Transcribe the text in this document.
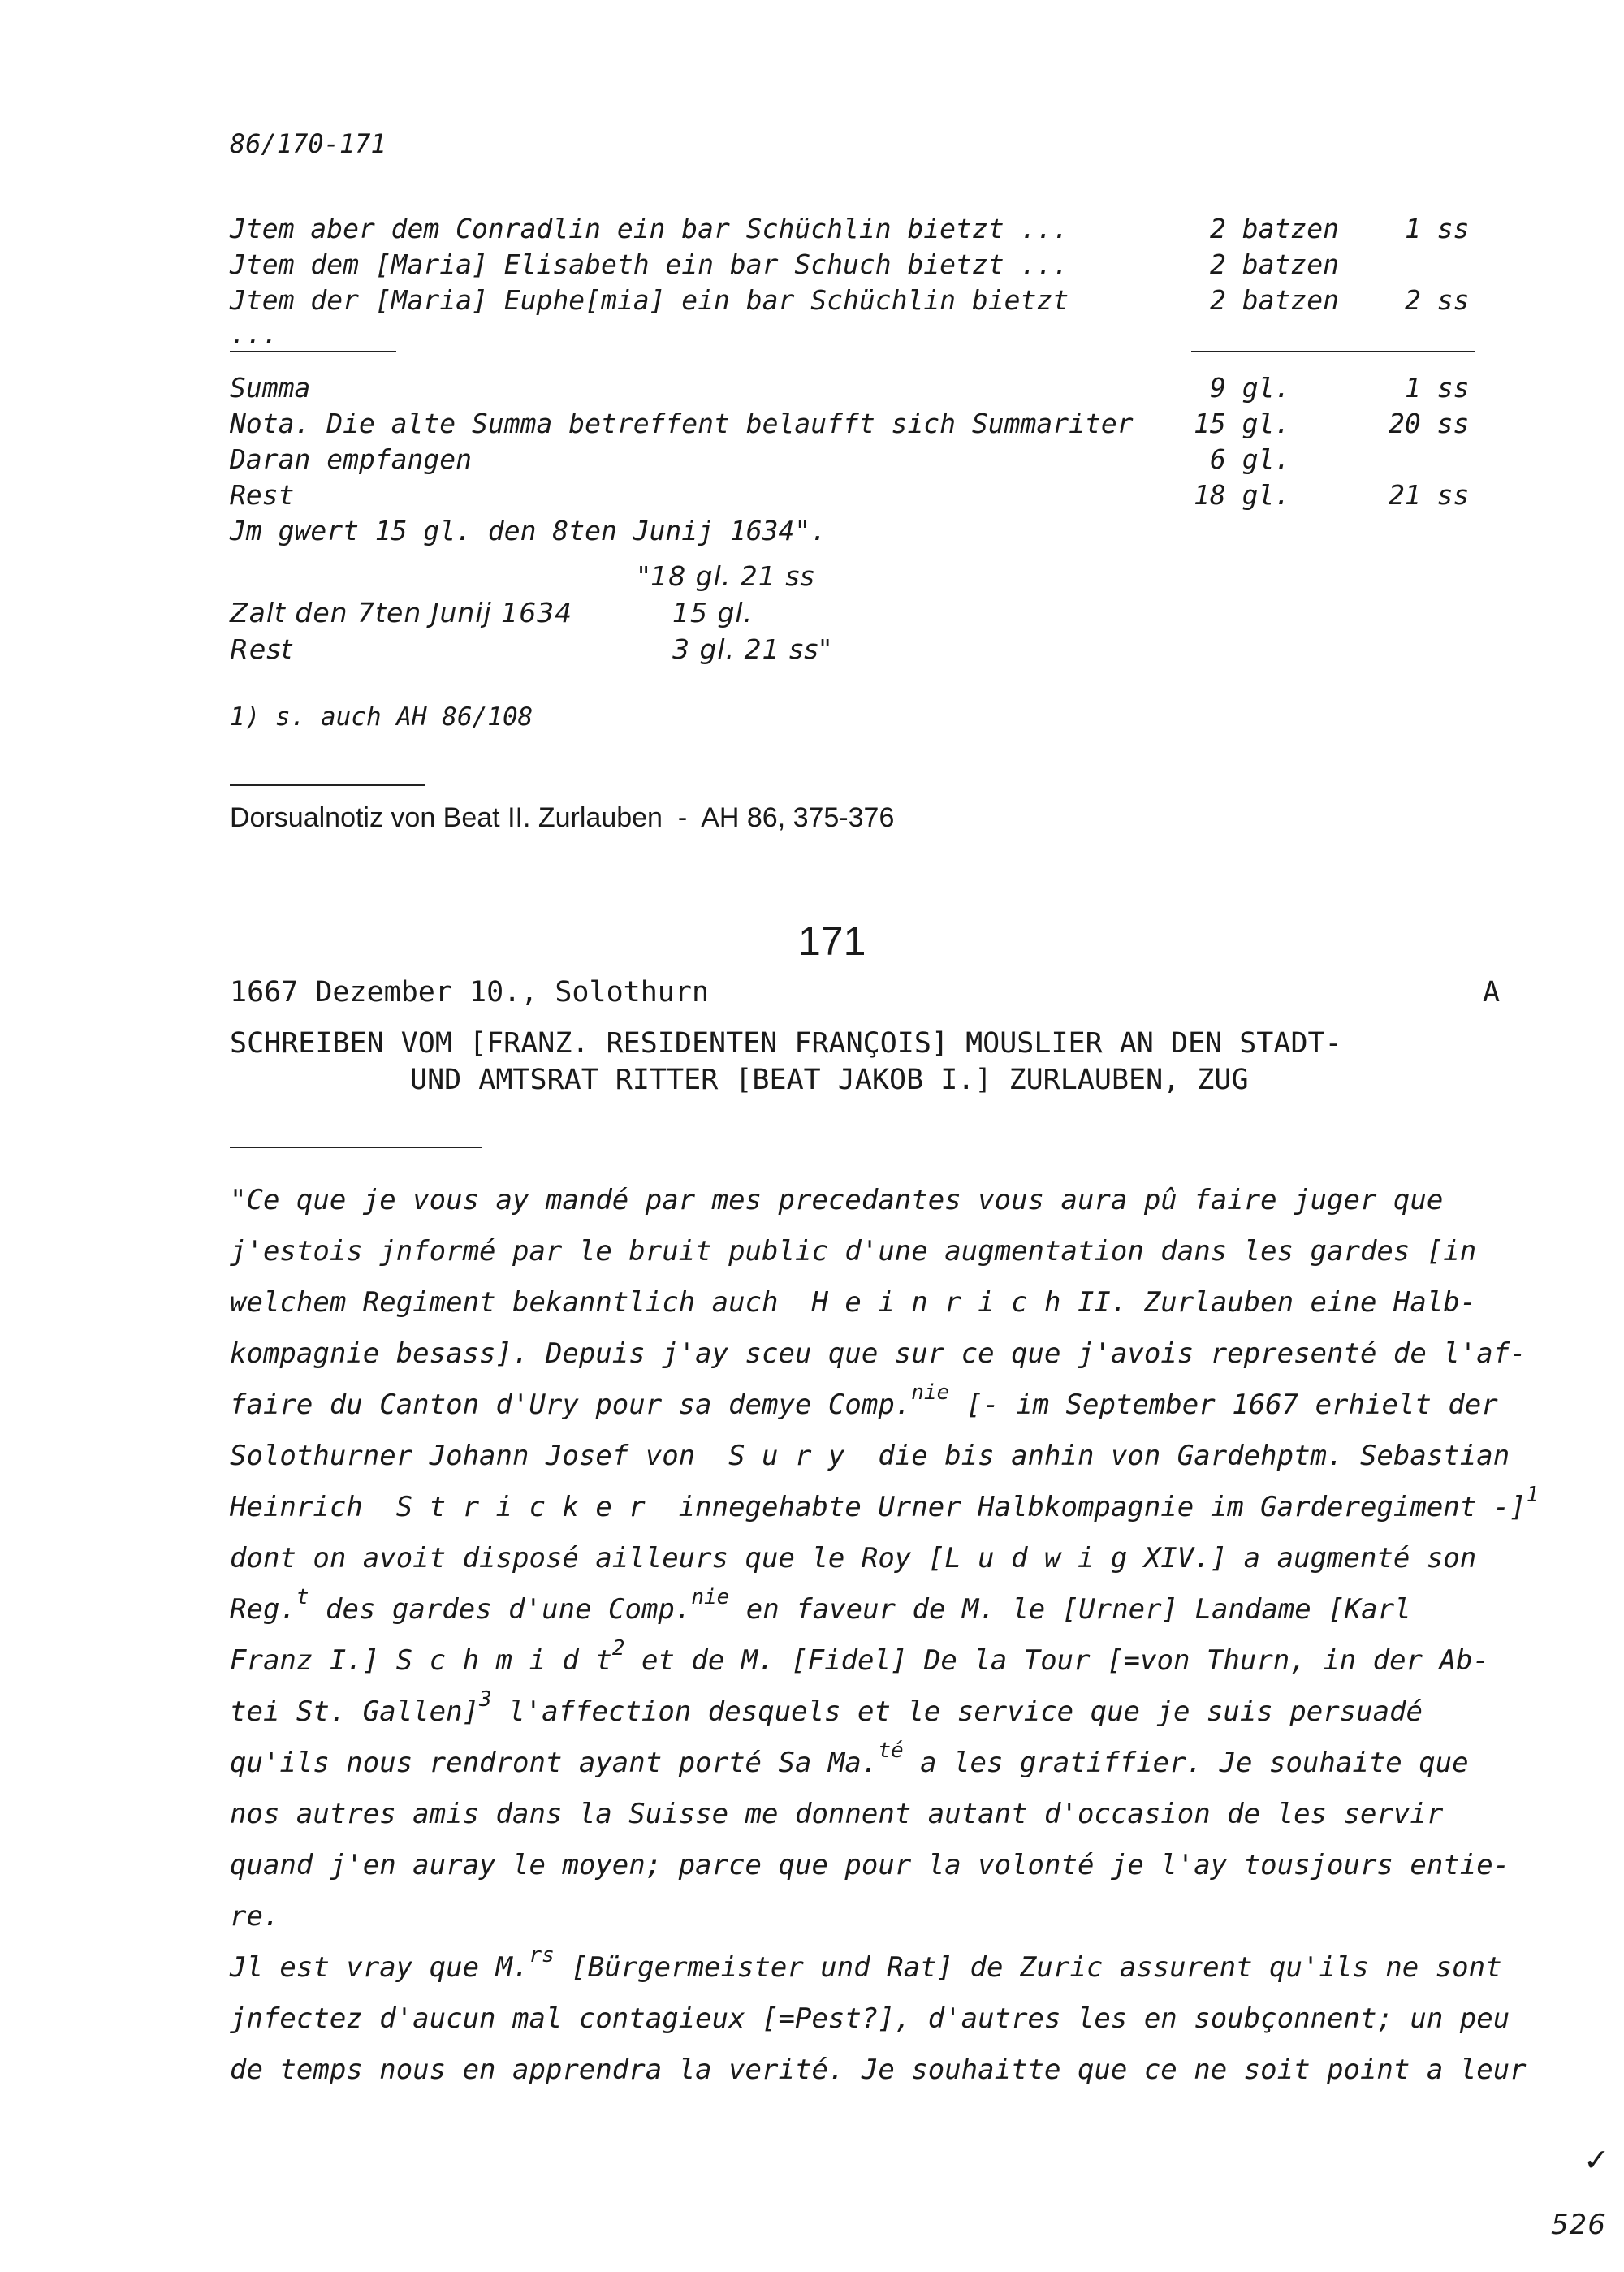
86/170-171
Jtem aber dem Conradlin ein bar Schüchlin bietzt ...	2 batzen 1 ss
Jtem dem [Maria] Elisabeth ein bar Schuch bietzt ...	2 batzen
Jtem der [Maria] Euphe[mia] ein bar Schüchlin bietzt	2 batzen 2 ss
...
Summa	9 gl.	1 ss
Nota. Die alte Summa betreffent belaufft sich Summariter 15 gl.	20 ss
Daran empfangen	6 gl.
Rest	18 gl.	21 ss
Jm gwert 15 gl. den 8ten Junij 1634".
"18 gl. 21 ss
Zalt den 7ten Junij 1634	15 gl.
Rest	3 gl. 21 ss"
1) s. auch AH 86/108
Dorsualnotiz von Beat II. Zurlauben  -  AH 86, 375-376
171
1667 Dezember 10., Solothurn	A
SCHREIBEN VOM [FRANZ. RESIDENTEN FRANÇOIS] MOUSLIER AN DEN STADT-
UND AMTSRAT RITTER [BEAT JAKOB I.] ZURLAUBEN, ZUG
"Ce que je vous ay mandé par mes precedantes vous aura pû faire juger que
j'estois jnformé par le bruit public d'une augmentation dans les gardes [in
welchem Regiment bekanntlich auch  H e i n r i c h II. Zurlauben eine Halb-
kompagnie besass]. Depuis j'ay sceu que sur ce que j'avois representé de l'af-
faire du Canton d'Ury pour sa demye Comp.$^{nie}$ [- im September 1667 erhielt der
Solothurner Johann Josef von  S u r y  die bis anhin von Gardehptm. Sebastian
Heinrich  S t r i c k e r  innegehabte Urner Halbkompagnie im Garderegiment -]$^1$
dont on avoit disposé ailleurs que le Roy [L u d w i g XIV.] a augmenté son
Reg.$^t$ des gardes d'une Comp.$^{nie}$ en faveur de M. le [Urner] Landame [Karl
Franz I.] S c h m i d $t^2$ et de M. [Fidel] De la Tour [=von Thurn, in der Ab-
tei St. Gallen]$^3$ l'affection desquels et le service que je suis persuadé
qu'ils nous rendront ayant porté Sa Ma.$^{té}$ a les gratiffier. Je souhaite que
nos autres amis dans la Suisse me donnent autant d'occasion de les servir
quand j'en auray le moyen; parce que pour la volonté je l'ay tousjours entie-
re.
Jl est vray que M.$^{rs}$ [Bürgermeister und Rat] de Zuric assurent qu'ils ne sont
jnfectez d'aucun mal contagieux [=Pest?], d'autres les en soubçonnent; un peu
de temps nous en apprendra la verité. Je souhaitte que ce ne soit point a leur
✓
526
